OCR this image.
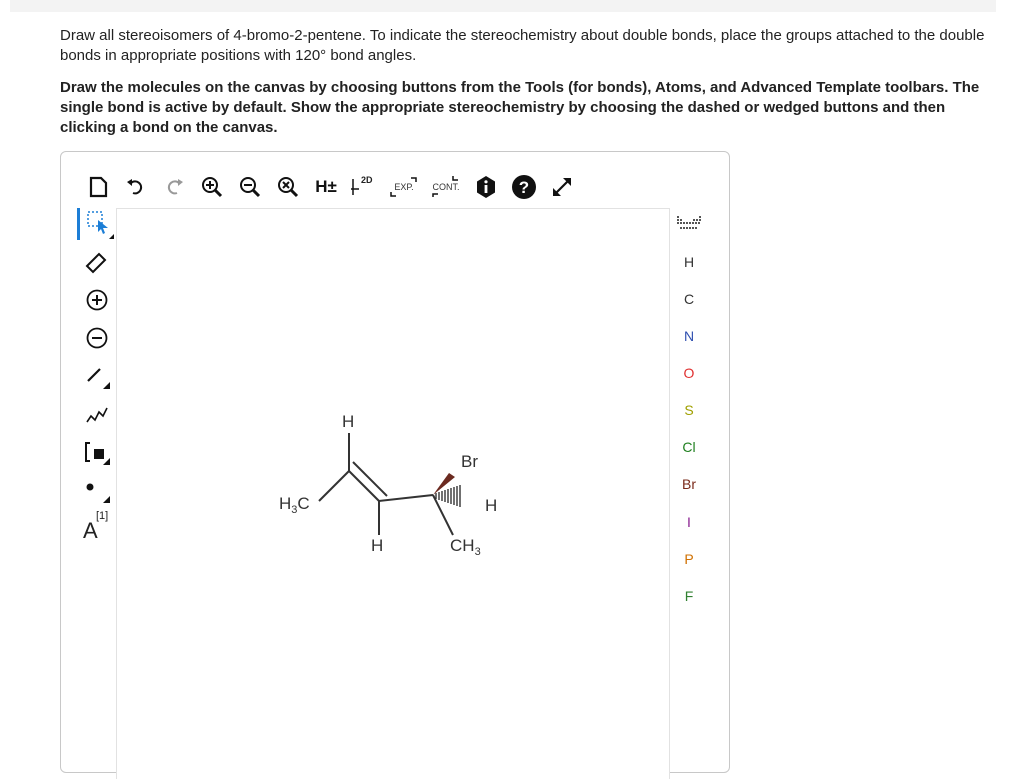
Draw all stereoisomers of 4-bromo-2-pentene. To indicate the stereochemistry about double bonds, place the groups attached to the double bonds in appropriate positions with 120° bond angles.

Draw the molecules on the canvas by choosing buttons from the Tools (for bonds), Atoms, and Advanced Template toolbars. The single bond is active by default. Show the appropriate stereochemistry by choosing the dashed or wedged buttons and then clicking a bond on the canvas.

H±	2D
EXP. CONT.	?
A
[1]
H
$H_3C$
H
Br
H
$CH_3$
H
C
N
O
S
Cl
Br
I
P
F
